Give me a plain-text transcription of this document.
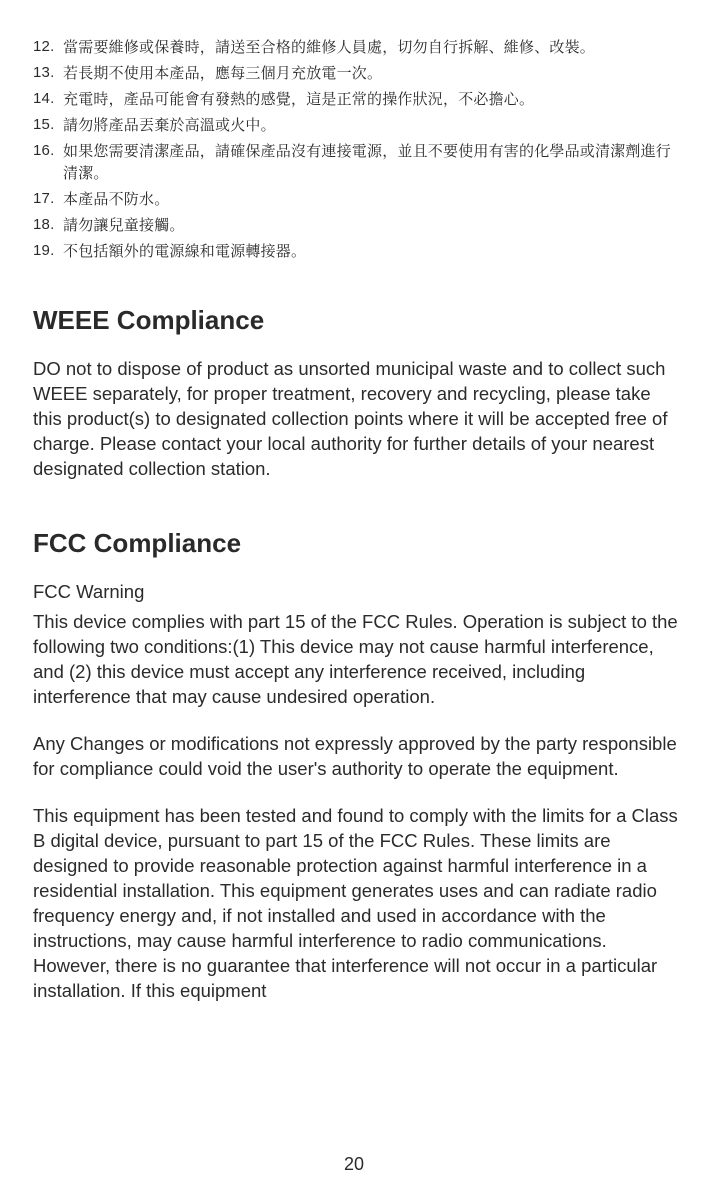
12. 當需要維修或保養時，請送至合格的維修人員處，切勿自行拆解、維修、改裝。
13. 若長期不使用本產品，應每三個月充放電一次。
14. 充電時，產品可能會有發熱的感覺，這是正常的操作狀況，不必擔心。
15. 請勿將產品丟棄於高溫或火中。
16. 如果您需要清潔產品，請確保產品沒有連接電源，並且不要使用有害的化學品或清潔劑進行清潔。
17. 本產品不防水。
18. 請勿讓兒童接觸。
19. 不包括額外的電源線和電源轉接器。
WEEE Compliance

DO not to dispose of product as unsorted municipal waste and to collect such WEEE separately, for proper treatment, recovery and recycling, please take this product(s) to designated collection points where it will be accepted free of charge. Please contact your local authority for further details of your nearest designated collection station.

FCC Compliance

FCC Warning

This device complies with part 15 of the FCC Rules. Operation is subject to the following two conditions:(1) This device may not cause harmful interference, and (2) this device must accept any interference received, including interference that may cause undesired operation.

Any Changes or modifications not expressly approved by the party responsible for compliance could void the user's authority to operate the equipment.

This equipment has been tested and found to comply with the limits for a Class B digital device, pursuant to part 15 of the FCC Rules. These limits are designed to provide reasonable protection against harmful interference in a residential installation. This equipment generates uses and can radiate radio frequency energy and, if not installed and used in accordance with the instructions, may cause harmful interference to radio communications. However, there is no guarantee that interference will not occur in a particular installation. If this equipment

20
